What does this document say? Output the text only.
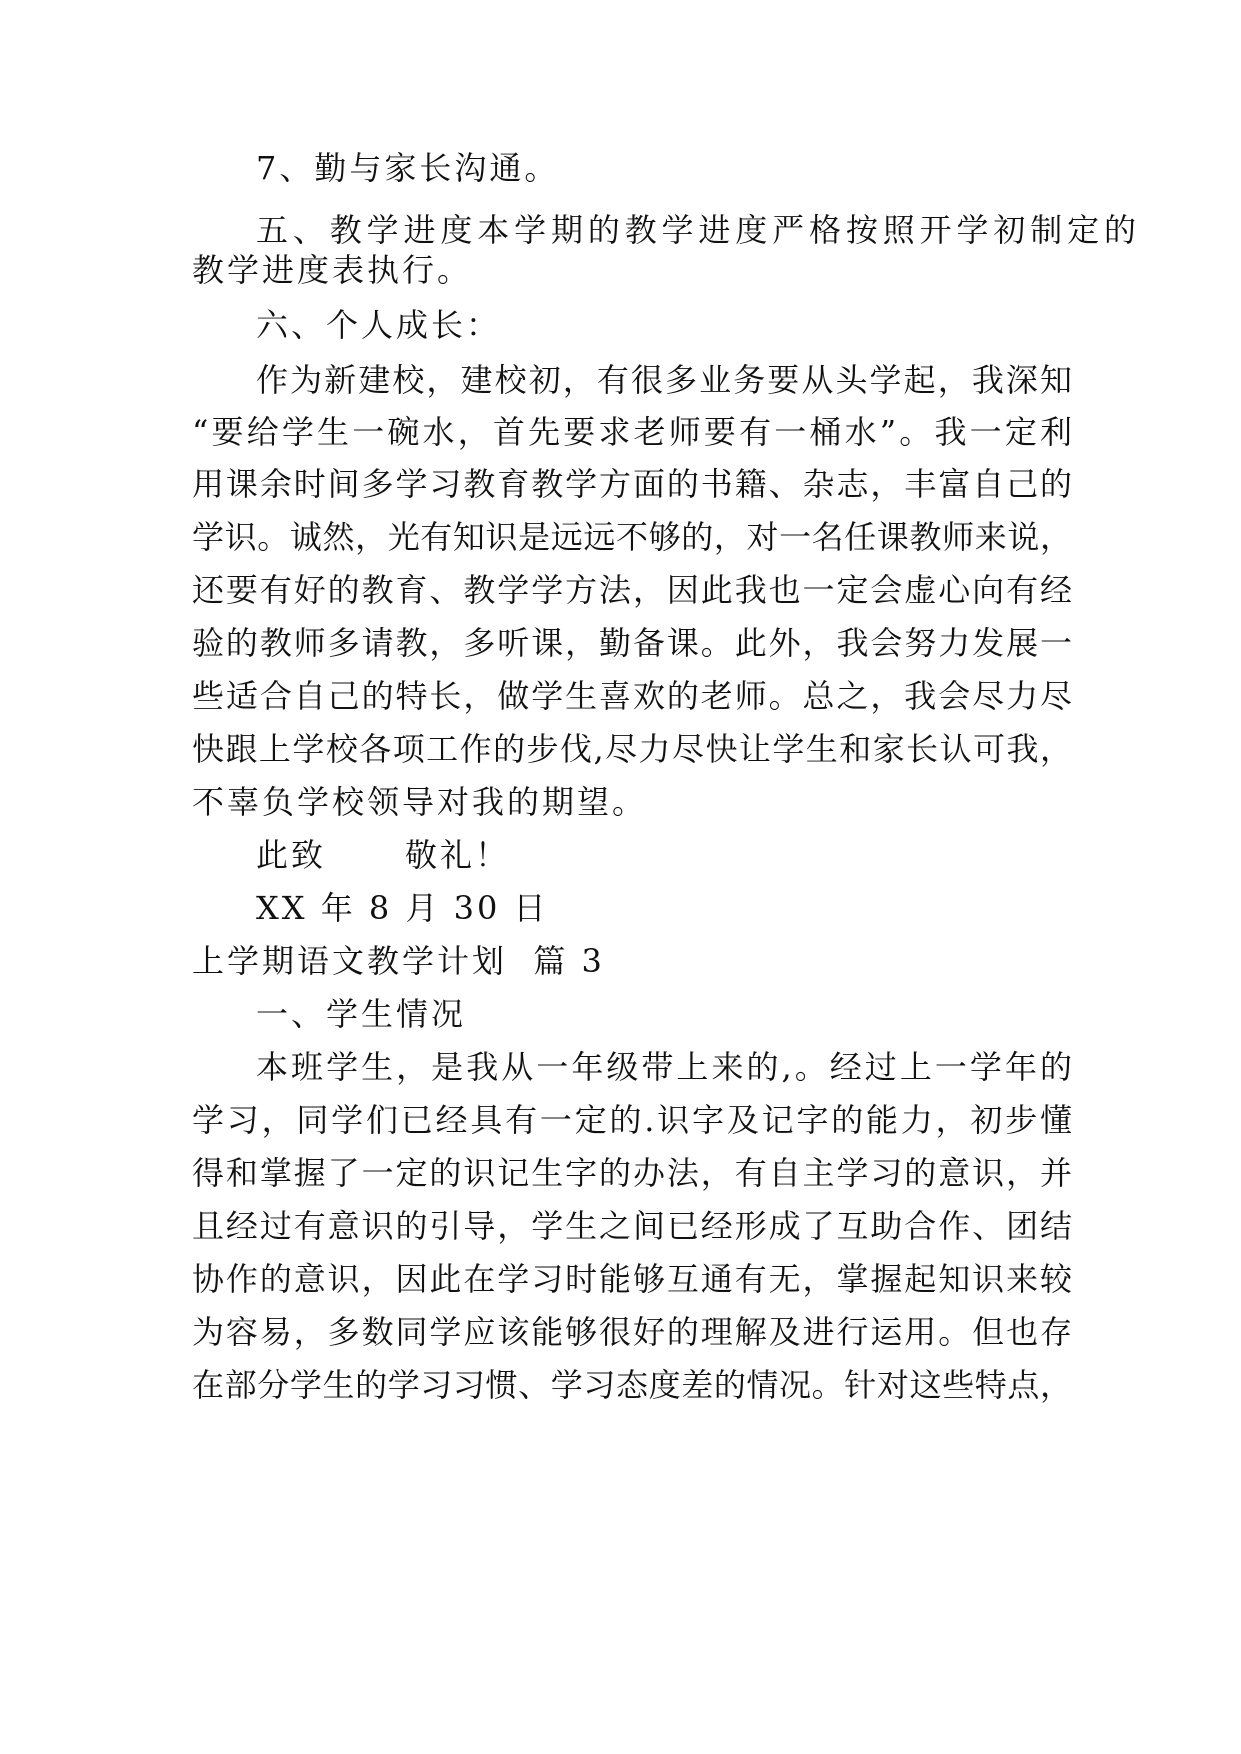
7、勤与家长沟通。
五、教学进度本学期的教学进度严格按照开学初制定的
教学进度表执行。
六、个人成长：
作为新建校，建校初，有很多业务要从头学起，我深知
“要给学生一碗水，首先要求老师要有一桶水”。我一定利
用课余时间多学习教育教学方面的书籍、杂志，丰富自己的
学识。诚然，光有知识是远远不够的，对一名任课教师来说，
还要有好的教育、教学学方法，因此我也一定会虚心向有经
验的教师多请教，多听课，勤备课。此外，我会努力发展一
些适合自己的特长，做学生喜欢的老师。总之，我会尽力尽
快跟上学校各项工作的步伐,尽力尽快让学生和家长认可我，
不辜负学校领导对我的期望。
此致      敬礼！
XX 年 8 月 30 日
上学期语文教学计划  篇 3
一、学生情况
本班学生，是我从一年级带上来的,。经过上一学年的
学习，同学们已经具有一定的.识字及记字的能力，初步懂
得和掌握了一定的识记生字的办法，有自主学习的意识，并
且经过有意识的引导，学生之间已经形成了互助合作、团结
协作的意识，因此在学习时能够互通有无，掌握起知识来较
为容易，多数同学应该能够很好的理解及进行运用。但也存
在部分学生的学习习惯、学习态度差的情况。针对这些特点，
